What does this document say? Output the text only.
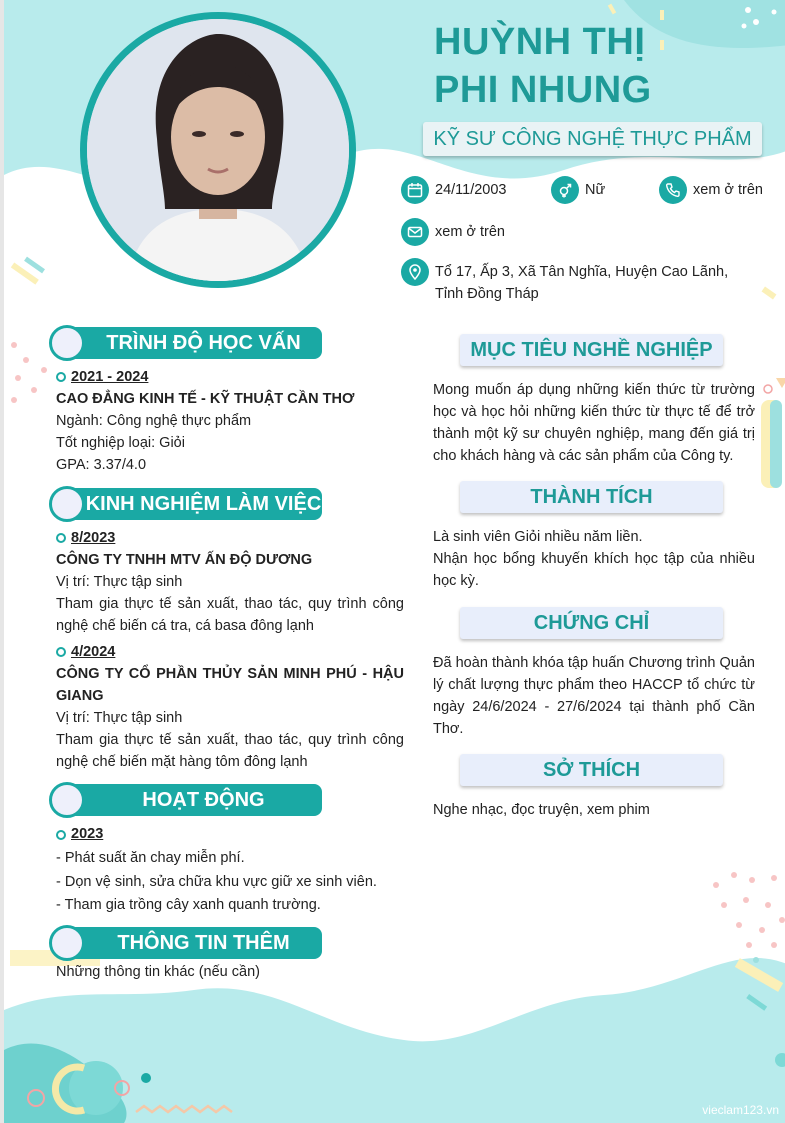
HUỲNH THỊ
PHI NHUNG
KỸ SƯ CÔNG NGHỆ THỰC PHẨM
24/11/2003	Nữ	xem ở trên
xem ở trên
Tổ 17, Ấp 3, Xã Tân Nghĩa, Huyện Cao Lãnh, Tỉnh Đồng Tháp
TRÌNH ĐỘ HỌC VẤN
2021 - 2024
CAO ĐẲNG KINH TẾ - KỸ THUẬT CẦN THƠ
Ngành: Công nghệ thực phẩm
Tốt nghiệp loại: Giỏi
GPA: 3.37/4.0
KINH NGHIỆM LÀM VIỆC
8/2023
CÔNG TY TNHH MTV ẤN ĐỘ DƯƠNG
Vị trí: Thực tập sinh
Tham gia thực tế sản xuất, thao tác, quy trình công nghệ chế biến cá tra, cá basa đông lạnh
4/2024
CÔNG TY CỔ PHẦN THỦY SẢN MINH PHÚ - HẬU GIANG
Vị trí: Thực tập sinh
Tham gia thực tế sản xuất, thao tác, quy trình công nghệ chế biến mặt hàng tôm đông lạnh
HOẠT ĐỘNG
2023
- Phát suất ăn chay miễn phí.
- Dọn vệ sinh, sửa chữa khu vực giữ xe sinh viên.
- Tham gia trồng cây xanh quanh trường.
THÔNG TIN THÊM
Những thông tin khác (nếu cần)
MỤC TIÊU NGHỀ NGHIỆP
Mong muốn áp dụng những kiến thức từ trường học và học hỏi những kiến thức từ thực tế để trở thành một kỹ sư chuyên nghiệp, mang đến giá trị cho khách hàng và các sản phẩm của Công ty.
THÀNH TÍCH
Là sinh viên Giỏi nhiều năm liền.
Nhận học bổng khuyến khích học tập của nhiều học kỳ.
CHỨNG CHỈ
Đã hoàn thành khóa tập huấn Chương trình Quản lý chất lượng thực phẩm theo HACCP tổ chức từ ngày 24/6/2024 - 27/6/2024 tại thành phố Cần Thơ.
SỞ THÍCH
Nghe nhạc, đọc truyện, xem phim
vieclam123.vn
